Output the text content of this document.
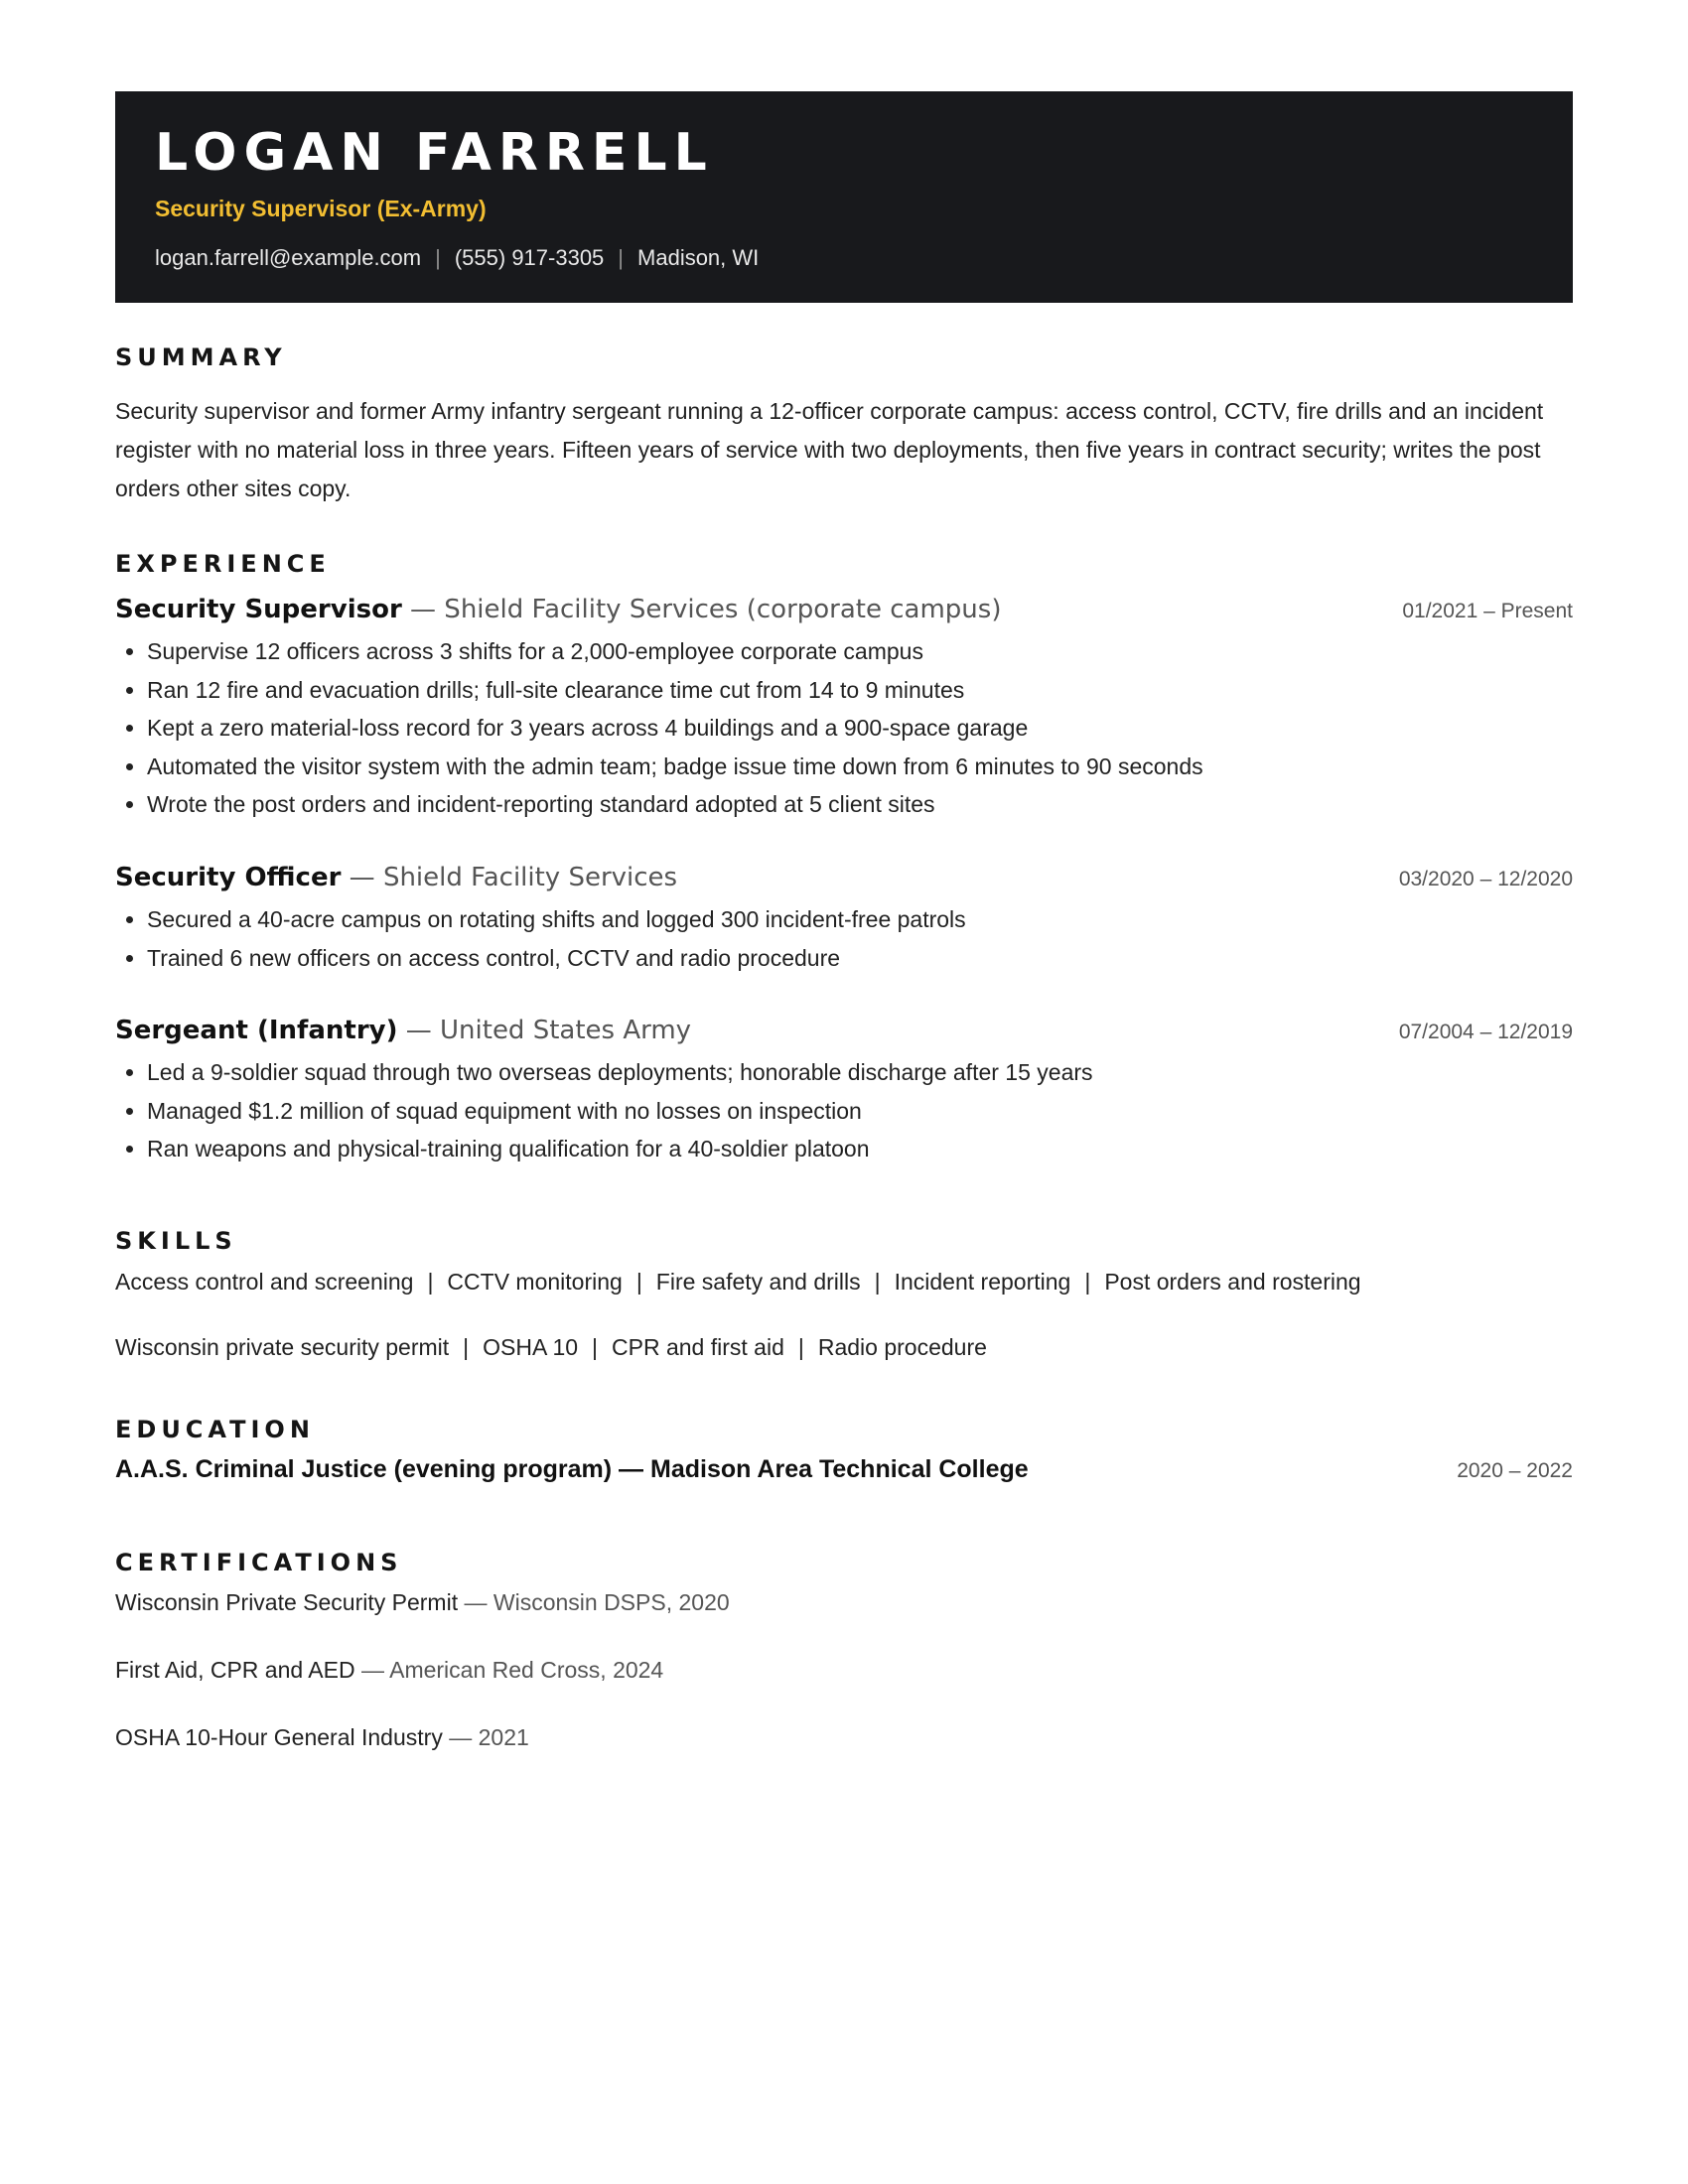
LOGAN FARRELL
Security Supervisor (Ex-Army)
logan.farrell@example.com | (555) 917-3305 | Madison, WI
SUMMARY
Security supervisor and former Army infantry sergeant running a 12-officer corporate campus: access control, CCTV, fire drills and an incident register with no material loss in three years. Fifteen years of service with two deployments, then five years in contract security; writes the post orders other sites copy.
EXPERIENCE
Security Supervisor — Shield Facility Services (corporate campus)	01/2021 – Present
• Supervise 12 officers across 3 shifts for a 2,000-employee corporate campus
• Ran 12 fire and evacuation drills; full-site clearance time cut from 14 to 9 minutes
• Kept a zero material-loss record for 3 years across 4 buildings and a 900-space garage
• Automated the visitor system with the admin team; badge issue time down from 6 minutes to 90 seconds
• Wrote the post orders and incident-reporting standard adopted at 5 client sites
Security Officer — Shield Facility Services	03/2020 – 12/2020
• Secured a 40-acre campus on rotating shifts and logged 300 incident-free patrols
• Trained 6 new officers on access control, CCTV and radio procedure
Sergeant (Infantry) — United States Army	07/2004 – 12/2019
• Led a 9-soldier squad through two overseas deployments; honorable discharge after 15 years
• Managed $1.2 million of squad equipment with no losses on inspection
• Ran weapons and physical-training qualification for a 40-soldier platoon
SKILLS
Access control and screening | CCTV monitoring | Fire safety and drills | Incident reporting | Post orders and rostering
Wisconsin private security permit | OSHA 10 | CPR and first aid | Radio procedure
EDUCATION
A.A.S. Criminal Justice (evening program) — Madison Area Technical College	2020 – 2022
CERTIFICATIONS
Wisconsin Private Security Permit — Wisconsin DSPS, 2020
First Aid, CPR and AED — American Red Cross, 2024
OSHA 10-Hour General Industry — 2021
